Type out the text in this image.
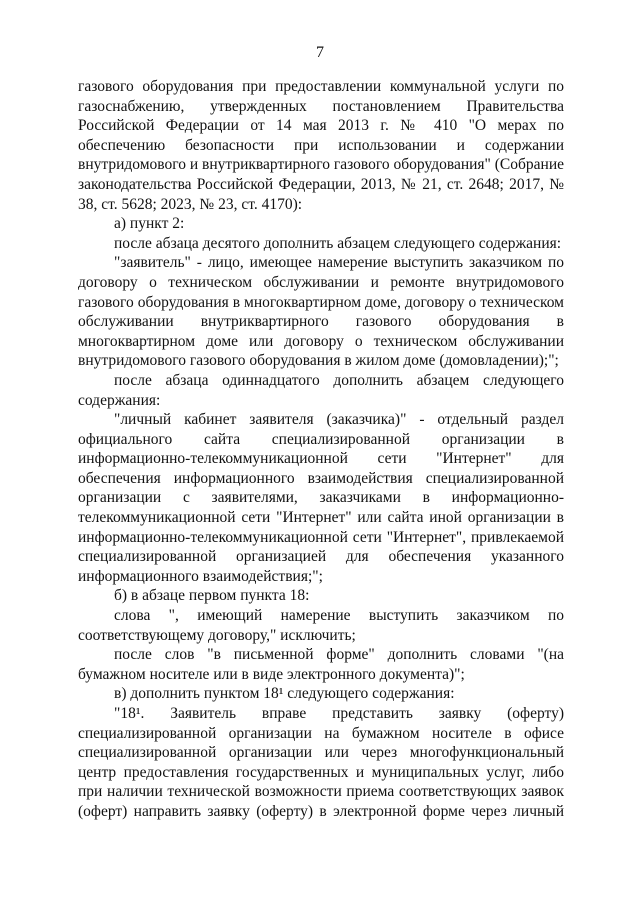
7

газового оборудования при предоставлении коммунальной услуги по газоснабжению, утвержденных постановлением Правительства Российской Федерации от 14 мая 2013 г. № 410 "О мерах по обеспечению безопасности при использовании и содержании внутридомового и внутриквартирного газового оборудования" (Собрание законодательства Российской Федерации, 2013, № 21, ст. 2648; 2017, № 38, ст. 5628; 2023, № 23, ст. 4170):

а) пункт 2:

после абзаца десятого дополнить абзацем следующего содержания:

"заявитель" - лицо, имеющее намерение выступить заказчиком по договору о техническом обслуживании и ремонте внутридомового газового оборудования в многоквартирном доме, договору о техническом обслуживании внутриквартирного газового оборудования в многоквартирном доме или договору о техническом обслуживании внутридомового газового оборудования в жилом доме (домовладении);";

после абзаца одиннадцатого дополнить абзацем следующего содержания:

"личный кабинет заявителя (заказчика)" - отдельный раздел официального сайта специализированной организации в информационно-телекоммуникационной сети "Интернет" для обеспечения информационного взаимодействия специализированной организации с заявителями, заказчиками в информационно-телекоммуникационной сети "Интернет" или сайта иной организации в информационно-телекоммуникационной сети "Интернет", привлекаемой специализированной организацией для обеспечения указанного информационного взаимодействия;";

б) в абзаце первом пункта 18:

слова ", имеющий намерение выступить заказчиком по соответствующему договору," исключить;

после слов "в письменной форме" дополнить словами "(на бумажном носителе или в виде электронного документа)";

в) дополнить пунктом 18¹ следующего содержания:

"18¹. Заявитель вправе представить заявку (оферту) специализированной организации на бумажном носителе в офисе специализированной организации или через многофункциональный центр предоставления государственных и муниципальных услуг, либо при наличии технической возможности приема соответствующих заявок (оферт) направить заявку (оферту) в электронной форме через личный
